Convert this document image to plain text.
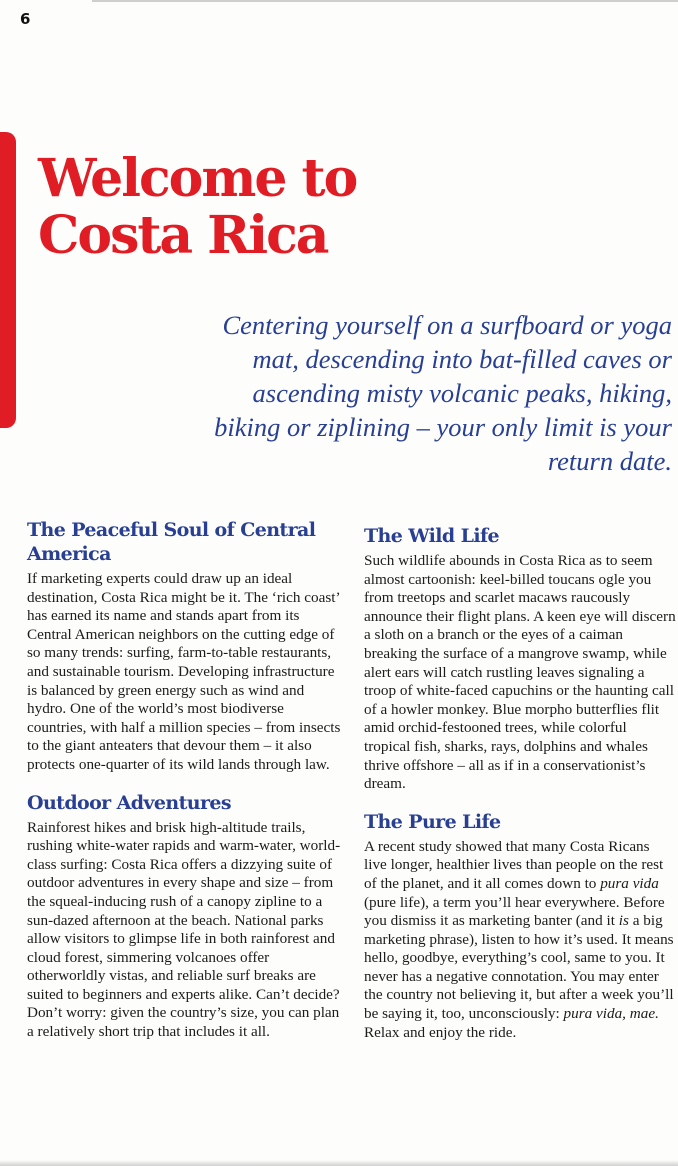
6
Welcome to
Costa Rica

Centering yourself on a surfboard or yoga mat, descending into bat-filled caves or ascending misty volcanic peaks, hiking, biking or ziplining – your only limit is your return date.

The Peaceful Soul of Central America

If marketing experts could draw up an ideal destination, Costa Rica might be it. The ‘rich coast’ has earned its name and stands apart from its Central American neighbors on the cutting edge of so many trends: surfing, farm-to-table restaurants, and sustainable tourism. Developing infrastructure is balanced by green energy such as wind and hydro. One of the world’s most biodiverse countries, with half a million species – from insects to the giant anteaters that devour them – it also protects one-quarter of its wild lands through law.

Outdoor Adventures

Rainforest hikes and brisk high-altitude trails, rushing white-water rapids and warm-water, world-class surfing: Costa Rica offers a dizzying suite of outdoor adventures in every shape and size – from the squeal-inducing rush of a canopy zipline to a sun-dazed afternoon at the beach. National parks allow visitors to glimpse life in both rainforest and cloud forest, simmering volcanoes offer otherworldly vistas, and reliable surf breaks are suited to beginners and experts alike. Can’t decide? Don’t worry: given the country’s size, you can plan a relatively short trip that includes it all.

The Wild Life

Such wildlife abounds in Costa Rica as to seem almost cartoonish: keel-billed toucans ogle you from treetops and scarlet macaws raucously announce their flight plans. A keen eye will discern a sloth on a branch or the eyes of a caiman breaking the surface of a mangrove swamp, while alert ears will catch rustling leaves signaling a troop of white-faced capuchins or the haunting call of a howler monkey. Blue morpho butterflies flit amid orchid-festooned trees, while colorful tropical fish, sharks, rays, dolphins and whales thrive offshore – all as if in a conservationist’s dream.

The Pure Life

A recent study showed that many Costa Ricans live longer, healthier lives than people on the rest of the planet, and it all comes down to pura vida (pure life), a term you’ll hear everywhere. Before you dismiss it as marketing banter (and it is a big marketing phrase), listen to how it’s used. It means hello, goodbye, everything’s cool, same to you. It never has a negative connotation. You may enter the country not believing it, but after a week you’ll be saying it, too, unconsciously: pura vida, mae. Relax and enjoy the ride.
